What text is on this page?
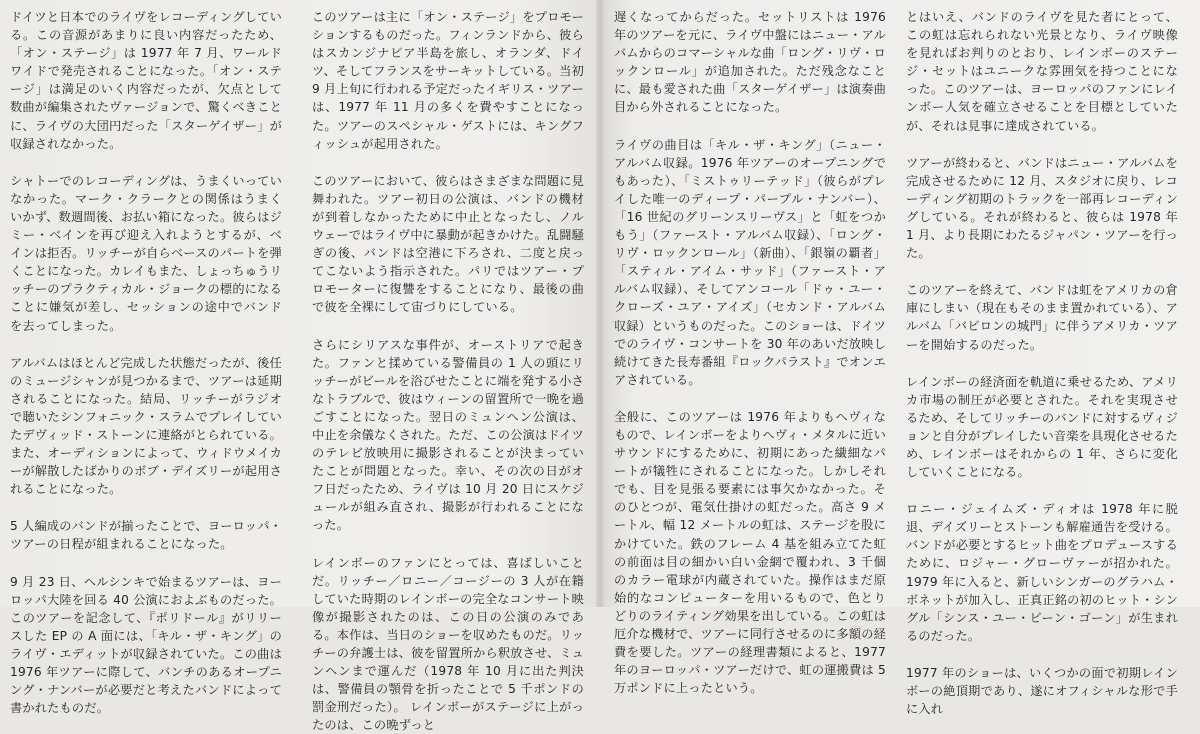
ドイツと日本でのライヴをレコーディングしている。この音源があまりに良い内容だったため、「オン・ステージ」は 1977 年 7 月、ワールドワイドで発売されることになった。「オン・ステージ」は満足のいく内容だったが、欠点として数曲が編集されたヴァージョンで、驚くべきことに、ライヴの大団円だった「スターゲイザー」が収録されなかった。

シャトーでのレコーディングは、うまくいっていなかった。マーク・クラークとの関係はうまくいかず、数週間後、お払い箱になった。彼らはジミー・ベインを再び迎え入れようとするが、ベインは拒否。リッチーが自らベースのパートを弾くことになった。カレイもまた、しょっちゅうリッチーのプラクティカル・ジョークの標的になることに嫌気が差し、セッションの途中でバンドを去ってしまった。

アルバムはほとんど完成した状態だったが、後任のミュージシャンが見つかるまで、ツアーは延期されることになった。結局、リッチーがラジオで聴いたシンフォニック・スラムでプレイしていたデヴィッド・ストーンに連絡がとられている。また、オーディションによって、ウィドウメイカーが解散したばかりのボブ・デイズリーが起用されることになった。

5 人編成のバンドが揃ったことで、ヨーロッパ・ツアーの日程が組まれることになった。

9 月 23 日、ヘルシンキで始まるツアーは、ヨーロッパ大陸を回る 40 公演におよぶものだった。このツアーを記念して、『ポリドール』がリリースした EP の A 面には、「キル・ザ・キング」のライヴ・エディットが収録されていた。この曲は 1976 年ツアーに際して、バンチのあるオープニング・ナンバーが必要だと考えたバンドによって書かれたものだ。

このツアーは主に「オン・ステージ」をプロモーションするものだった。フィンランドから、彼らはスカンジナビア半島を旅し、オランダ、ドイツ、そしてフランスをサーキットしている。当初 9 月上旬に行われる予定だったイギリス・ツアーは、1977 年 11 月の多くを費やすことになった。ツアーのスペシャル・ゲストには、キングフィッシュが起用された。

このツアーにおいて、彼らはさまざまな問題に見舞われた。ツアー初日の公演は、バンドの機材が到着しなかったために中止となったし、ノルウェーではライヴ中に暴動が起きかけた。乱闘騒ぎの後、バンドは空港に下ろされ、二度と戻ってこないよう指示された。パリではツアー・プロモーターに復讐をすることになり、最後の曲で彼を全裸にして宙づりにしている。

さらにシリアスな事件が、オーストリアで起きた。ファンと揉めている警備員の 1 人の頭にリッチーがビールを浴びせたことに端を発する小さなトラブルで、彼はウィーンの留置所で一晩を過ごすことになった。翌日のミュンヘン公演は、中止を余儀なくされた。ただ、この公演はドイツのテレビ放映用に撮影されることが決まっていたことが問題となった。幸い、その次の日がオフ日だったため、ライヴは 10 月 20 日にスケジュールが組み直され、撮影が行われることになった。

レインボーのファンにとっては、喜ばしいことだ。リッチー／ロニー／コージーの 3 人が在籍していた時期のレインボーの完全なコンサート映像が撮影されたのは、この日の公演のみである。本作は、当日のショーを収めたものだ。リッチーの弁護士は、彼を留置所から釈放させ、ミュンヘンまで運んだ（1978 年 10 月に出た判決は、警備員の顎骨を折ったことで 5 千ポンドの罰金刑だった）。 レインボーがステージに上がったのは、この晩ずっと

遅くなってからだった。セットリストは 1976 年のツアーを元に、ライヴ中盤にはニュー・アルバムからのコマーシャルな曲「ロング・リヴ・ロックンロール」が追加された。ただ残念なことに、最も愛された曲「スターゲイザー」は演奏曲目から外されることになった。

ライヴの曲目は「キル・ザ・キング」（ニュー・アルバム収録。1976 年ツアーのオープニングでもあった）、「ミストゥリーテッド」（彼らがプレイした唯一のディープ・パープル・ナンバー）、「16 世紀のグリーンスリーヴス」と「虹をつかもう」（ファースト・アルバム収録）、「ロング・リヴ・ロックンロール」（新曲）、「銀嶺の覇者」「スティル・アイム・サッド」（ファースト・アルバム収録）、そしてアンコール「ドゥ・ユー・クローズ・ユア・アイズ」（セカンド・アルバム収録）というものだった。このショーは、ドイツでのライヴ・コンサートを 30 年のあいだ放映し続けてきた長寿番組『ロックパラスト』でオンエアされている。

全般に、このツアーは 1976 年よりもヘヴィなもので、レインボーをよりヘヴィ・メタルに近いサウンドにするために、初期にあった繊細なパートが犠牲にされることになった。しかしそれでも、目を見張る要素には事欠かなかった。そのひとつが、電気仕掛けの虹だった。高さ 9 メートル、幅 12 メートルの虹は、ステージを股にかけていた。鉄のフレーム 4 基を組み立てた虹の前面は目の細かい白い金網で覆われ、3 千個のカラー電球が内蔵されていた。操作はまだ原始的なコンピューターを用いるもので、色とりどりのライティング効果を出している。この虹は厄介な機材で、ツアーに同行させるのに多額の経費を要した。ツアーの経理書類によると、1977 年のヨーロッパ・ツアーだけで、虹の運搬費は 5 万ポンドに上ったという。

とはいえ、バンドのライヴを見た者にとって、この虹は忘れられない光景となり、ライヴ映像を見ればお判りのとおり、レインボーのステージ・セットはユニークな雰囲気を持つことになった。このツアーは、ヨーロッパのファンにレインボー人気を確立させることを目標としていたが、それは見事に達成されている。

ツアーが終わると、バンドはニュー・アルバムを完成させるために 12 月、スタジオに戻り、レコーディング初期のトラックを一部再レコーディングしている。それが終わると、彼らは 1978 年 1 月、より長期にわたるジャパン・ツアーを行った。

このツアーを終えて、バンドは虹をアメリカの倉庫にしまい（現在もそのまま置かれている）、アルバム「バビロンの城門」に伴うアメリカ・ツアーを開始するのだった。

レインボーの経済面を軌道に乗せるため、アメリカ市場の制圧が必要とされた。それを実現させるため、そしてリッチーのバンドに対するヴィジョンと自分がプレイしたい音楽を具現化させるため、レインボーはそれからの 1 年、さらに変化していくことになる。

ロニー・ジェイムズ・ディオは 1978 年に脱退、デイズリーとストーンも解雇通告を受ける。バンドが必要とするヒット曲をプロデュースするために、ロジャー・グローヴァーが招かれた。1979 年に入ると、新しいシンガーのグラハム・ボネットが加入し、正真正銘の初のヒット・シングル「シンス・ユー・ビーン・ゴーン」が生まれるのだった。

1977 年のショーは、いくつかの面で初期レインボーの絶頂期であり、遂にオフィシャルな形で手に入れ
